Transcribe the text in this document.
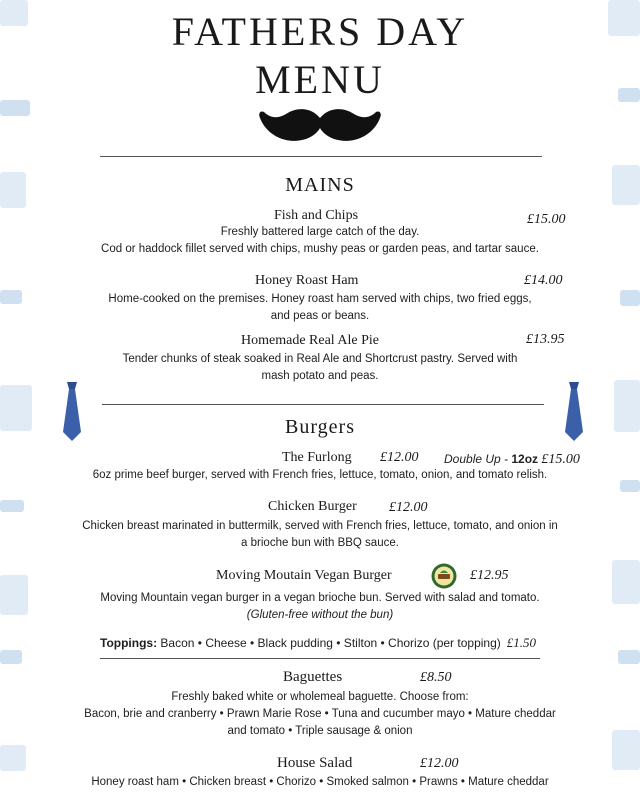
FATHERS DAY
MENU
MAINS
Fish and Chips	£15.00
Freshly battered large catch of the day.
Cod or haddock fillet served with chips, mushy peas or garden peas, and tartar sauce.
Honey Roast Ham	£14.00
Home-cooked on the premises. Honey roast ham served with chips, two fried eggs,
and peas or beans.
Homemade Real Ale Pie	£13.95
Tender chunks of steak soaked in Real Ale and Shortcrust pastry. Served with
mash potato and peas.
Burgers
The Furlong £12.00 Double Up - 12oz £15.00
6oz prime beef burger, served with French fries, lettuce, tomato, onion, and tomato relish.
Chicken Burger £12.00
Chicken breast marinated in buttermilk, served with French fries, lettuce, tomato, and onion in
a brioche bun with BBQ sauce.
Moving Moutain Vegan Burger	£12.95
Moving Mountain vegan burger in a vegan brioche bun. Served with salad and tomato.
(Gluten-free without the bun)
Toppings: Bacon • Cheese • Black pudding • Stilton • Chorizo (per topping) £1.50
Baguettes	£8.50
Freshly baked white or wholemeal baguette. Choose from:
Bacon, brie and cranberry • Prawn Marie Rose • Tuna and cucumber mayo • Mature cheddar
and tomato • Triple sausage & onion
House Salad	£12.00
Honey roast ham • Chicken breast • Chorizo • Smoked salmon • Prawns • Mature cheddar
